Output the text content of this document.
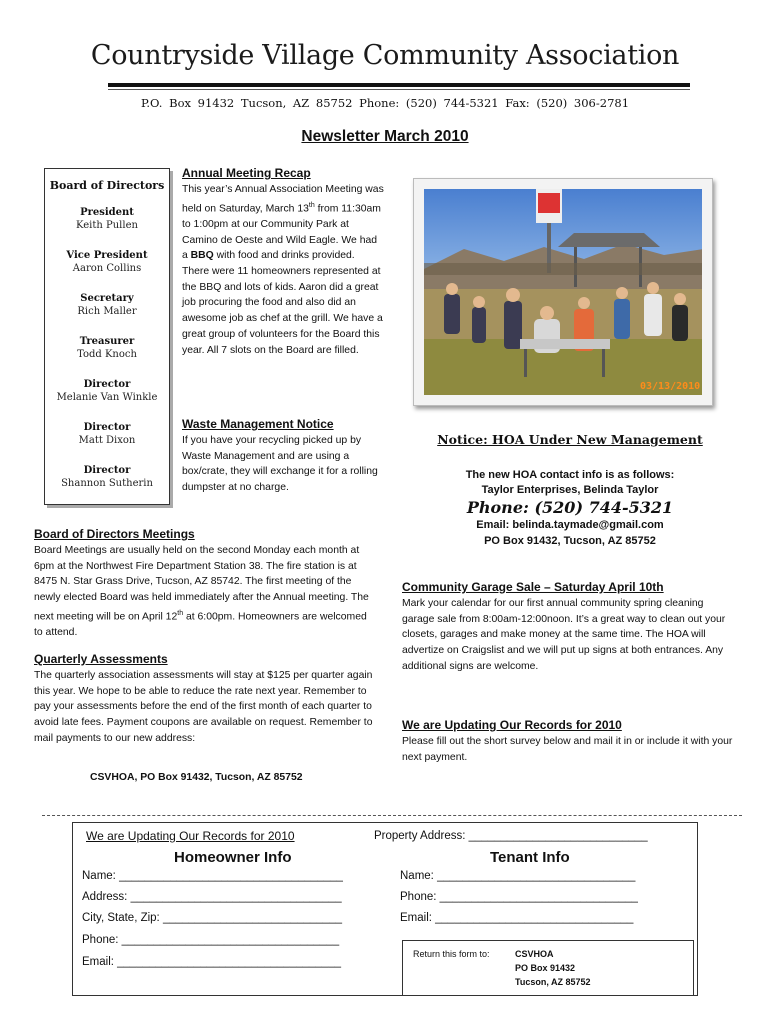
Countryside Village Community Association
P.O. Box 91432 Tucson, AZ 85752 Phone: (520) 744-5321 Fax: (520) 306-2781
Newsletter March 2010
Board of Directors
President
Keith Pullen
Vice President
Aaron Collins
Secretary
Rich Maller
Treasurer
Todd Knoch
Director
Melanie Van Winkle
Director
Matt Dixon
Director
Shannon Sutherin
Annual Meeting Recap
This year’s Annual Association Meeting was held on Saturday, March 13th from 11:30am to 1:00pm at our Community Park at Camino de Oeste and Wild Eagle. We had a BBQ with food and drinks provided. There were 11 homeowners represented at the BBQ and lots of kids. Aaron did a great job procuring the food and also did an awesome job as chef at the grill. We have a great group of volunteers for the Board this year. All 7 slots on the Board are filled.
Waste Management Notice
If you have your recycling picked up by Waste Management and are using a box/crate, they will exchange it for a rolling dumpster at no charge.
03/13/2010
Board of Directors Meetings
Board Meetings are usually held on the second Monday each month at 6pm at the Northwest Fire Department Station 38. The fire station is at 8475 N. Star Grass Drive, Tucson, AZ 85742. The first meeting of the newly elected Board was held immediately after the Annual meeting. The next meeting will be on April 12th at 6:00pm. Homeowners are welcomed to attend.
Quarterly Assessments
The quarterly association assessments will stay at $125 per quarter again this year. We hope to be able to reduce the rate next year. Remember to pay your assessments before the end of the first month of each quarter to avoid late fees. Payment coupons are available on request. Remember to mail payments to our new address:
CSVHOA, PO Box 91432, Tucson, AZ 85752
Notice: HOA Under New Management
The new HOA contact info is as follows:
Taylor Enterprises, Belinda Taylor
Phone: (520) 744-5321
Email: belinda.taymade@gmail.com
PO Box 91432, Tucson, AZ 85752
Community Garage Sale – Saturday April 10th
Mark your calendar for our first annual community spring cleaning garage sale from 8:00am-12:00noon. It’s a great way to clean out your closets, garages and make money at the same time. The HOA will advertize on Craigslist and we will put up signs at both entrances. Any additional signs are welcome.
We are Updating Our Records for 2010
Please fill out the short survey below and mail it in or include it with your next payment.
We are Updating Our Records for 2010	Property Address: ____________________________
Homeowner Info	Tenant Info
Name: ___________________________________
Address: _________________________________
City, State, Zip: ____________________________
Phone: __________________________________
Email: ___________________________________
Name: _______________________________
Phone: _______________________________
Email: _______________________________
Return this form to:	CSVHOA
PO Box 91432
Tucson, AZ 85752
